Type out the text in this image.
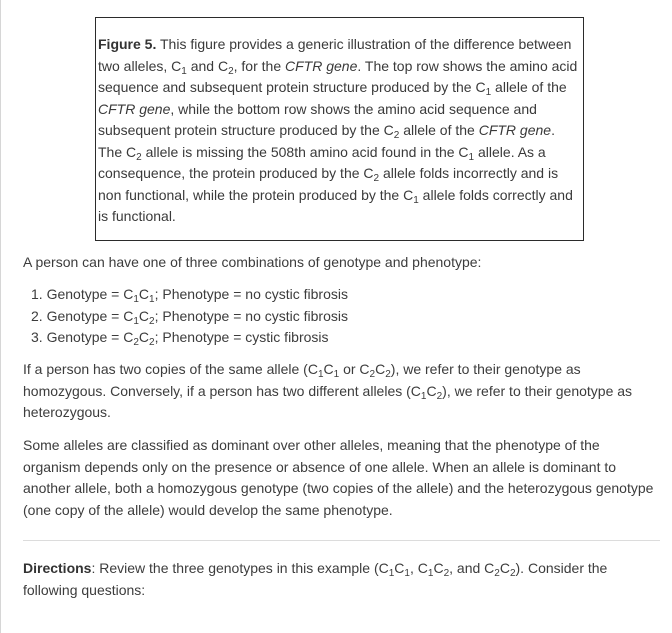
Figure 5. This figure provides a generic illustration of the difference between two alleles, $C_1$ and $C_2$, for the CFTR gene. The top row shows the amino acid sequence and subsequent protein structure produced by the $C_1$ allele of the CFTR gene, while the bottom row shows the amino acid sequence and subsequent protein structure produced by the $C_2$ allele of the CFTR gene. The $C_2$ allele is missing the 508th amino acid found in the $C_1$ allele. As a consequence, the protein produced by the $C_2$ allele folds incorrectly and is non functional, while the protein produced by the $C_1$ allele folds correctly and is functional.

A person can have one of three combinations of genotype and phenotype:

1. Genotype = $C_1C_1$; Phenotype = no cystic fibrosis
2. Genotype = $C_1C_2$; Phenotype = no cystic fibrosis
3. Genotype = $C_2C_2$; Phenotype = cystic fibrosis

If a person has two copies of the same allele ($C_1C_1$ or $C_2C_2$), we refer to their genotype as homozygous. Conversely, if a person has two different alleles $(C_1C_2)$, we refer to their genotype as heterozygous.

Some alleles are classified as dominant over other alleles, meaning that the phenotype of the organism depends only on the presence or absence of one allele. When an allele is dominant to another allele, both a homozygous genotype (two copies of the allele) and the heterozygous genotype (one copy of the allele) would develop the same phenotype.

Directions: Review the three genotypes in this example ($C_1C_1$, $C_1C_2$, and $C_2C_2$). Consider the following questions:
